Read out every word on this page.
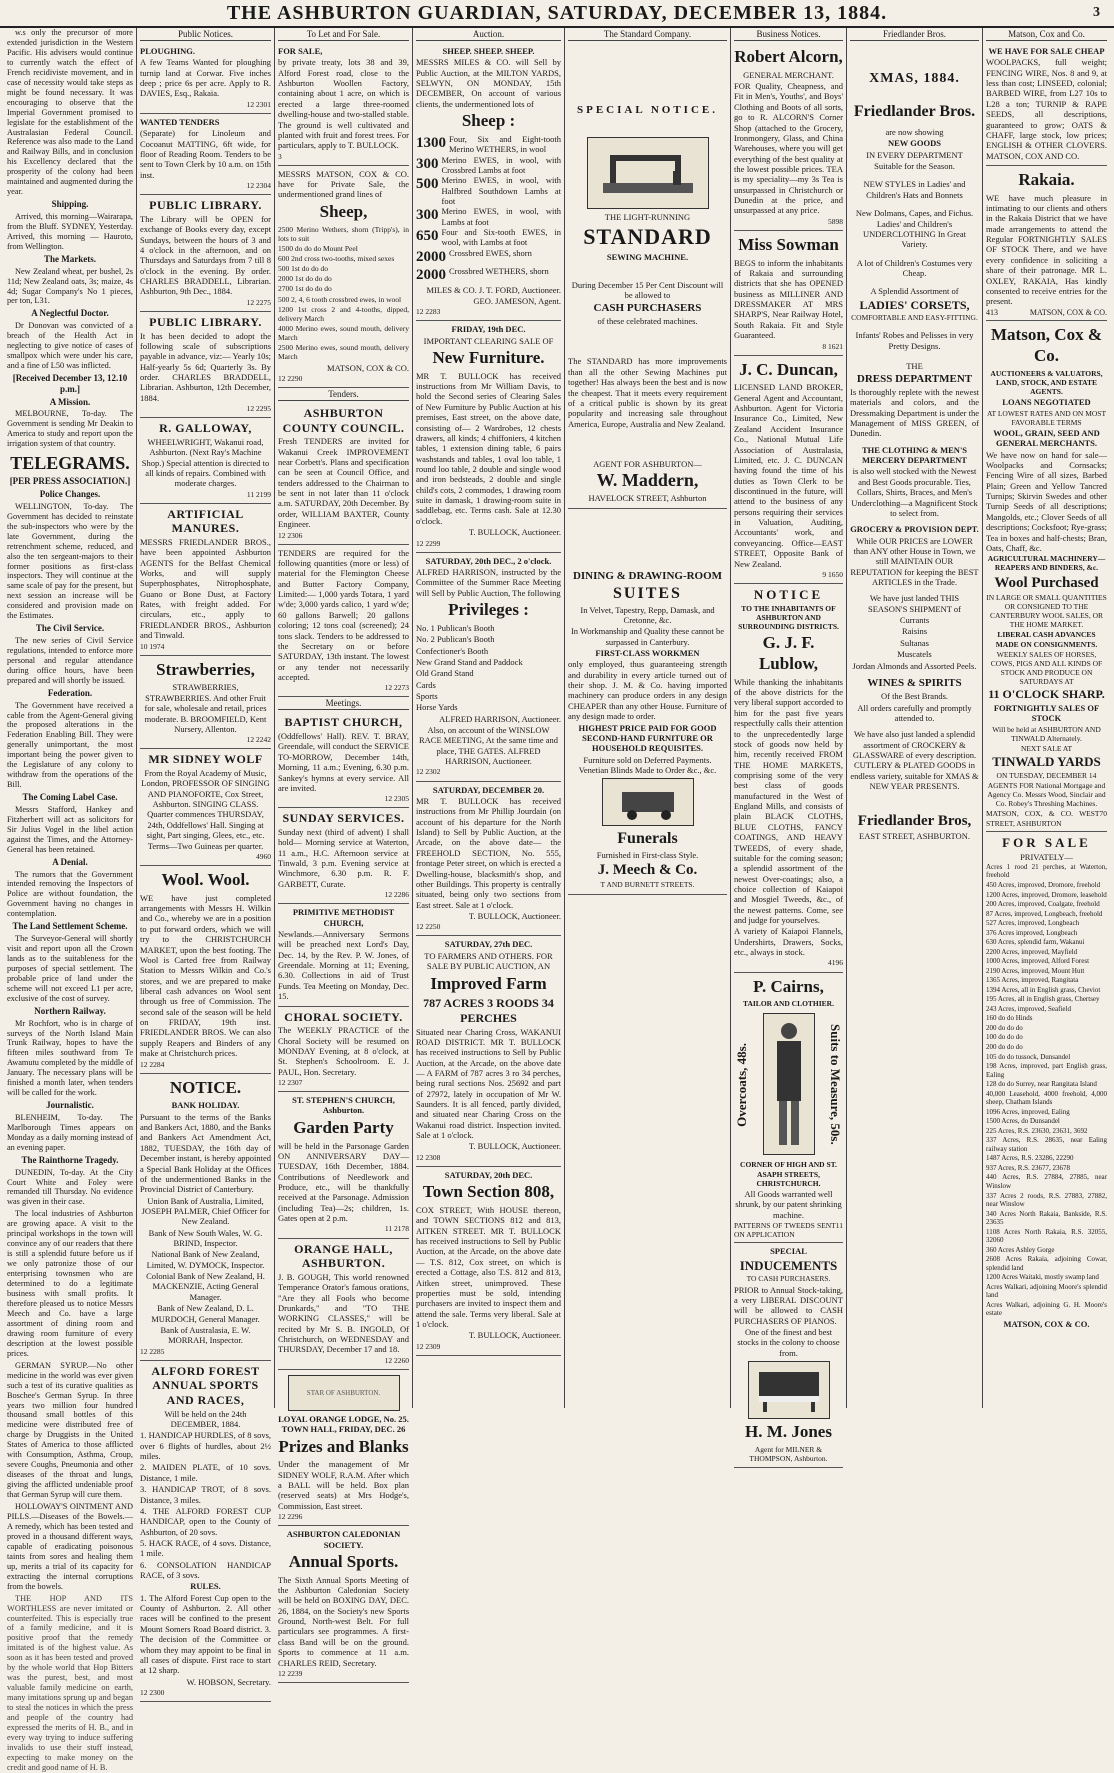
THE ASHBURTON GUARDIAN, SATURDAY, DECEMBER 13, 1884.	3

w.s only the precursor of more extended jurisdiction in the Western Pacific. His advisers would continue to currently watch the effect of French recidiviste movement, and in case of necessity would take steps as might be found necessary. It was encouraging to observe that the Imperial Government promised to legislate for the establishment of the Australasian Federal Council. Reference was also made to the Land and Railway Bills, and in conclusion his Excellency declared that the prosperity of the colony had been maintained and augmented during the year.

Shipping.

Arrived, this morning—Wairarapa, from the Bluff. SYDNEY, Yesterday. Arrived, this morning — Hauroto, from Wellington.

The Markets.

New Zealand wheat, per bushel, 2s 11d; New Zealand oats, 3s; maize, 4s 4d; Sugar Company's No 1 pieces, per ton, L31.

A Neglectful Doctor.

Dr Donovan was convicted of a breach of the Health Act in neglecting to give notice of cases of smallpox which were under his care, and a fine of L50 was inflicted.

[Received December 13, 12.10 p.m.]

A Mission.

MELBOURNE, To-day. The Government is sending Mr Deakin to America to study and report upon the irrigation system of that country.

TELEGRAMS.

[PER PRESS ASSOCIATION.]

Police Changes.

WELLINGTON, To-day. The Government has decided to reinstate the sub-inspectors who were by the late Government, during the retrenchment scheme, reduced, and also the ten sergeant-majors to their former positions as first-class inspectors. They will continue at the same scale of pay for the present, but next session an increase will be considered and provision made on the Estimates.

The Civil Service.

The new series of Civil Service regulations, intended to enforce more personal and regular attendance during office hours, have been prepared and will shortly be issued.

Federation.

The Government have received a cable from the Agent-General giving the proposed alterations in the Federation Enabling Bill. They were generally unimportant, the most important being the power given to the Legislature of any colony to withdraw from the operations of the Bill.

The Coming Label Case.

Messrs Stafford, Hankey and Fitzherbert will act as solicitors for Sir Julius Vogel in the libel action against the Times, and the Attorney-General has been retained.

A Denial.

The rumors that the Government intended removing the Inspectors of Police are without foundation, the Government having no changes in contemplation.

The Land Settlement Scheme.

The Surveyor-General will shortly visit and report upon all the Crown lands as to the suitableness for the purposes of special settlement. The probable price of land under the scheme will not exceed L1 per acre, exclusive of the cost of survey.

Northern Railway.

Mr Rochfort, who is in charge of surveys of the North Island Main Trunk Railway, hopes to have the fifteen miles southward from Te Awamutu completed by the middle of January. The necessary plans will be finished a month later, when tenders will be called for the work.

Journalistic.

BLENHEIM, To-day. The Marlborough Times appears on Monday as a daily morning instead of an evening paper.

The Rainthorne Tragedy.

DUNEDIN, To-day. At the City Court White and Foley were remanded till Thursday. No evidence was given in their case.

The local industries of Ashburton are growing apace. A visit to the principal workshops in the town will convince any of our readers that there is still a splendid future before us if we only patronize those of our enterprising townsmen who are determined to do a legitimate business with small profits. It therefore pleased us to notice Messrs Meech and Co. have a large assortment of dining room and drawing room furniture of every description at the lowest possible prices.

GERMAN SYRUP.—No other medicine in the world was ever given such a test of its curative qualities as Boschee's German Syrup. In three years two million four hundred thousand small bottles of this medicine were distributed free of charge by Druggists in the United States of America to those afflicted with Consumption, Asthma, Croup, severe Coughs, Pneumonia and other diseases of the throat and lungs, giving the afflicted undeniable proof that German Syrup will cure them.

HOLLOWAY'S OINTMENT AND PILLS.—Diseases of the Bowels.—A remedy, which has been tested and proved in a thousand different ways, capable of eradicating poisonous taints from sores and healing them up, merits a trial of its capacity for extracting the internal corruptions from the bowels.

THE HOP AND ITS WORTHLESS are never imitated or counterfeited. This is especially true of a family medicine, and it is positive proof that the remedy imitated is of the highest value. As soon as it has been tested and proved by the whole world that Hop Bitters was the purest, best, and most valuable family medicine on earth, many imitations sprung up and began to steal the notices in which the press and people of the country had expressed the merits of H. B., and in every way trying to induce suffering invalids to use their stuff instead, expecting to make money on the credit and good name of H. B.

Public Notices.

PLOUGHING.

A few Teams Wanted for ploughing turnip land at Corwar. Five inches deep ; price 6s per acre. Apply to R. DAVIES, Esq., Rakaia.

12 2301

WANTED TENDERS

(Separate) for Linoleum and Cocoanut MATTING, 6ft wide, for floor of Reading Room. Tenders to be sent to Town Clerk by 10 a.m. on 15th inst.

12 2304

PUBLIC LIBRARY.

The Library will be OPEN for exchange of Books every day, except Sundays, between the hours of 3 and 4 o'clock in the afternoon, and on Thursdays and Saturdays from 7 till 8 o'clock in the evening. By order. CHARLES BRADDELL, Librarian. Ashburton, 9th Dec., 1884.

12 2275

PUBLIC LIBRARY.

It has been decided to adopt the following scale of subscriptions payable in advance, viz:— Yearly 10s; Half-yearly 5s 6d; Quarterly 3s. By order. CHARLES BRADDELL, Librarian. Ashburton, 12th December, 1884.

12 2295

R. GALLOWAY,

WHEELWRIGHT, Wakanui road, Ashburton. (Next Ray's Machine Shop.) Special attention is directed to all kinds of repairs. Combined with moderate charges.

11 2199

ARTIFICIAL MANURES.

MESSRS FRIEDLANDER BROS., have been appointed Ashburton AGENTS for the Belfast Chemical Works, and will supply Superphosphates, Nitrophosphate, Guano or Bone Dust, at Factory Rates, with freight added. For circulars, etc., apply to FRIEDLANDER BROS., Ashburton and Tinwald.

10 1974

Strawberries,

STRAWBERRIES, STRAWBERRIES. And other Fruit for sale, wholesale and retail, prices moderate. B. BROOMFIELD, Kent Nursery, Allenton.

12 2242

MR SIDNEY WOLF

From the Royal Academy of Music, London, PROFESSOR OF SINGING AND PIANOFORTE, Cox Street, Ashburton. SINGING CLASS. Quarter commences THURSDAY, 24th, Oddfellows' Hall. Singing at sight, Part singing, Glees, etc., etc. Terms—Two Guineas per quarter.

4960

Wool. Wool.

WE have just completed arrangements with Messrs H. Wilkin and Co., whereby we are in a position to put forward orders, which we will try to the CHRISTCHURCH MARKET, upon the best footing. The Wool is Carted free from Railway Station to Messrs Wilkin and Co.'s stores, and we are prepared to make liberal cash advances on Wool sent through us free of Commission. The second sale of the season will be held on FRIDAY, 19th inst. FRIEDLANDER BROS. We can also supply Reapers and Binders of any make at Christchurch prices.

12 2284

NOTICE.

BANK HOLIDAY.

Pursuant to the terms of the Banks and Bankers Act, 1880, and the Banks and Bankers Act Amendment Act, 1882, TUESDAY, the 16th day of December instant, is hereby appointed a Special Bank Holiday at the Offices of the undermentioned Banks in the Provincial District of Canterbury.

Union Bank of Australia, Limited, JOSEPH PALMER, Chief Officer for New Zealand.

Bank of New South Wales, W. G. BRIND, Inspector.

National Bank of New Zealand, Limited, W. DYMOCK, Inspector.

Colonial Bank of New Zealand, H. MACKENZIE, Acting General Manager.

Bank of New Zealand, D. L. MURDOCH, General Manager.

Bank of Australasia, E. W. MORRAH, Inspector.

12 2285

ALFORD FOREST ANNUAL SPORTS AND RACES,

Will be held on the 24th DECEMBER, 1884.

1. HANDICAP HURDLES, of 8 sovs, over 6 flights of hurdles, about 2½ miles.

2. MAIDEN PLATE, of 10 sovs. Distance, 1 mile.

3. HANDICAP TROT, of 8 sovs. Distance, 3 miles.

4. THE ALFORD FOREST CUP HANDICAP, open to the County of Ashburton, of 20 sovs.

5. HACK RACE, of 4 sovs. Distance, 1 mile.

6. CONSOLATION HANDICAP RACE, of 3 sovs.

RULES.

1. The Alford Forest Cup open to the County of Ashburton. 2. All other races will be confined to the present Mount Somers Road Board district. 3. The decision of the Committee or whom they may appoint to be final in all cases of dispute. First race to start at 12 sharp.

W. HOBSON, Secretary.

12 2300

To Let and For Sale.

FOR SALE,

by private treaty, lots 38 and 39, Alford Forest road, close to the Ashburton Woollen Factory, containing about 1 acre, on which is erected a large three-roomed dwelling-house and two-stalled stable. The ground is well cultivated and planted with fruit and forest trees. For particulars, apply to T. BULLOCK.

3

MESSRS MATSON, COX & CO. have for Private Sale, the undermentioned grand lines of

Sheep,

2500 Merino Wethers, shorn (Tripp's), in lots to suit

1500 do do do Mount Peel

600 2nd cross two-tooths, mixed sexes

500 1st do do do

2000 1st do do do

2700 1st do do do

500 2, 4, 6 tooth crossbred ewes, in wool

1200 1st cross 2 and 4-tooths, dipped, delivery March

4000 Merino ewes, sound mouth, delivery March

2500 Merino ewes, sound mouth, delivery March

MATSON, COX & CO.

12 2290

Tenders.
ASHBURTON COUNTY COUNCIL.

Fresh TENDERS are invited for Wakanui Creek IMPROVEMENT near Corbett's. Plans and specification can be seen at Council Office, and tenders addressed to the Chairman to be sent in not later than 11 o'clock a.m. SATURDAY, 20th December. By order, WILLIAM BAXTER, County Engineer.

12 2306

TENDERS are required for the following quantities (more or less) of material for the Flemington Cheese and Butter Factory Company, Limited:— 1,000 yards Totara, 1 yard w'de; 3,000 yards calico, 1 yard w'de; 60 gallons Barwell; 20 gallons coloring; 12 tons coal (screened); 24 tons slack. Tenders to be addressed to the Secretary on or before SATURDAY, 13th instant. The lowest or any tender not necessarily accepted.

12 2273

Meetings.
BAPTIST CHURCH,

(Oddfellows' Hall). REV. T. BRAY, Greendale, will conduct the SERVICE TO-MORROW, December 14th, Morning, 11 a.m.; Evening, 6.30 p.m. Sankey's hymns at every service. All are invited.

12 2305

SUNDAY SERVICES.

Sunday next (third of advent) I shall hold— Morning service at Waterton, 11 a.m., H.C. Afternoon service at Tinwald, 3 p.m. Evening service at Winchmore, 6.30 p.m. R. F. GARBETT, Curate.

12 2286

PRIMITIVE METHODIST CHURCH,

Newlands.—Anniversary Sermons will be preached next Lord's Day, Dec. 14, by the Rev. P. W. Jones, of Greendale. Morning at 11; Evening, 6.30. Collections in aid of Trust Funds. Tea Meeting on Monday, Dec. 15.

CHORAL SOCIETY.

The WEEKLY PRACTICE of the Choral Society will be resumed on MONDAY Evening, at 8 o'clock, at St. Stephen's Schoolroom. E. J. PAUL, Hon. Secretary.

12 2307

ST. STEPHEN'S CHURCH, Ashburton.

Garden Party

will be held in the Parsonage Garden ON ANNIVERSARY DAY—TUESDAY, 16th December, 1884. Contributions of Needlework and Produce, etc., will be thankfully received at the Parsonage. Admission (including Tea)—2s; children, 1s. Gates open at 2 p.m.

11 2178

ORANGE HALL, ASHBURTON.

J. B. GOUGH, This world renowned Temperance Orator's famous orations, "Are they all Fools who become Drunkards," and "TO THE WORKING CLASSES," will be recited by Mr S. B. INGOLD, Of Christchurch, on WEDNESDAY and THURSDAY, December 17 and 18.

12 2260

STAR OF ASHBURTON.

LOYAL ORANGE LODGE, No. 25. TOWN HALL, FRIDAY, DEC. 26

Prizes and Blanks

Under the management of Mr SIDNEY WOLF, R.A.M. After which a BALL will be held. Box plan (reserved seats) at Mrs Hodge's, Commission, East street.

12 2296

ASHBURTON CALEDONIAN SOCIETY.

Annual Sports.

The Sixth Annual Sports Meeting of the Ashburton Caledonian Society will be held on BOXING DAY, DEC. 26, 1884, on the Society's new Sports Ground, North-west Belt. For full particulars see programmes. A first-class Band will be on the ground. Sports to commence at 11 a.m. CHARLES REID, Secretary.

12 2239

Auction.

SHEEP. SHEEP. SHEEP.

MESSRS MILES & CO. will Sell by Public Auction, at the MILTON YARDS, SELWYN, ON MONDAY, 15th DECEMBER, On account of various clients, the undermentioned lots of

Sheep :
1300 Four, Six and Eight-tooth Merino WETHERS, in wool
300 Merino EWES, in wool, with Crossbred Lambs at foot
500 Merino EWES, in wool, with Halfbred Southdown Lambs at foot
300 Merino EWES, in wool, with Lambs at foot
650 Four and Six-tooth EWES, in wool, with Lambs at foot
2000 Crossbred EWES, shorn
2000 Crossbred WETHERS, shorn

MILES & CO. J. T. FORD, Auctioneer. GEO. JAMESON, Agent.

12 2283

FRIDAY, 19th DEC.

IMPORTANT CLEARING SALE OF

New Furniture.

MR T. BULLOCK has received instructions from Mr William Davis, to hold the Second series of Clearing Sales of New Furniture by Public Auction at his premises, East street, on the above date, consisting of— 2 Wardrobes, 12 chests drawers, all kinds; 4 chiffoniers, 4 kitchen tables, 1 extension dining table, 6 pairs washstands and tables, 1 oval loo table, 1 round loo table, 2 double and single wood and iron bedsteads, 2 double and single child's cots, 2 commodes, 1 drawing room suite in damask, 1 drawing-room suite in saddlebag, etc. Terms cash. Sale at 12.30 o'clock.

T. BULLOCK, Auctioneer.

12 2299

SATURDAY, 20th DEC., 2 o'clock.

ALFRED HARRISON, instructed by the Committee of the Summer Race Meeting will Sell by Public Auction, The following

Privileges :

No. 1 Publican's Booth

No. 2 Publican's Booth

Confectioner's Booth

New Grand Stand and Paddock

Old Grand Stand

Cards

Sports

Horse Yards

ALFRED HARRISON, Auctioneer.

Also, on account of the WINSLOW RACE MEETING, At the same time and place, THE GATES. ALFRED HARRISON, Auctioneer.

12 2302

SATURDAY, DECEMBER 20.

MR T. BULLOCK has received instructions from Mr Phillip Jourdain (on account of his departure for the North Island) to Sell by Public Auction, at the Arcade, on the above date— the FREEHOLD SECTION, No. 555, frontage Peter street, on which is erected a Dwelling-house, blacksmith's shop, and other Buildings. This property is centrally situated, being only two sections from East street. Sale at 1 o'clock.

T. BULLOCK, Auctioneer.

12 2250

SATURDAY, 27th DEC.

TO FARMERS AND OTHERS. FOR SALE BY PUBLIC AUCTION, AN

Improved Farm

787 ACRES 3 ROODS 34 PERCHES

Situated near Charing Cross, WAKANUI ROAD DISTRICT. MR T. BULLOCK has received instructions to Sell by Public Auction, at the Arcade, on the above date— A FARM of 787 acres 3 ro 34 perches, being rural sections Nos. 25692 and part of 27972, lately in occupation of Mr W. Saunders. It is all fenced, partly divided, and situated near Charing Cross on the Wakanui road district. Inspection invited. Sale at 1 o'clock.

T. BULLOCK, Auctioneer.

12 2308

SATURDAY, 20th DEC.

Town Section 808,

COX STREET, With HOUSE thereon, and TOWN SECTIONS 812 and 813, AITKEN STREET. MR T. BULLOCK has received instructions to Sell by Public Auction, at the Arcade, on the above date— T.S. 812, Cox street, on which is erected a Cottage, also T.S. 812 and 813, Aitken street, unimproved. These properties must be sold, intending purchasers are invited to inspect them and attend the sale. Terms very liberal. Sale at 1 o'clock.

T. BULLOCK, Auctioneer.

12 2309

The Standard Company.

SPECIAL NOTICE.

THE LIGHT-RUNNING

STANDARD

SEWING MACHINE.

During December 15 Per Cent Discount will be allowed to

CASH PURCHASERS

of these celebrated machines.

The STANDARD has more improvements than all the other Sewing Machines put together! Has always been the best and is now the cheapest. That it meets every requirement of a critical public is shown by its great popularity and increasing sale throughout America, Europe, Australia and New Zealand.

AGENT FOR ASHBURTON—

W. Maddern,

HAVELOCK STREET, Ashburton

DINING & DRAWING-ROOM

SUITES

In Velvet, Tapestry, Repp, Damask, and Cretonne, &c.

In Workmanship and Quality these cannot be surpassed in Canterbury.

FIRST-CLASS WORKMEN

only employed, thus guaranteeing strength and durability in every article turned out of their shop. J. M. & Co. having imported machinery can produce orders in any design CHEAPER than any other House. Furniture of any design made to order.

HIGHEST PRICE PAID FOR GOOD SECOND-HAND FURNITURE OR HOUSEHOLD REQUISITES.

Furniture sold on Deferred Payments. Venetian Blinds Made to Order &c., &c.

Funerals

Furnished in First-class Style.

J. Meech & Co.

T AND BURNETT STREETS.

Business Notices.
Robert Alcorn,

GENERAL MERCHANT.

FOR Quality, Cheapness, and Fit in Men's, Youths', and Boys' Clothing and Boots of all sorts, go to R. ALCORN'S Corner Shop (attached to the Grocery, Ironmongery, Glass, and China Warehouses, where you will get everything of the best quality at the lowest possible prices. TEA is my speciality—my 3s Tea is unsurpassed in Christchurch or Dunedin at the price, and unsurpassed at any price.

5898

Miss Sowman

BEGS to inform the inhabitants of Rakaia and surrounding districts that she has OPENED business as MILLINER AND DRESSMAKER AT MRS SHARP'S, Near Railway Hotel, South Rakaia. Fit and Style Guaranteed.

8 1621

J. C. Duncan,

LICENSED LAND BROKER, General Agent and Accountant, Ashburton. Agent for Victoria Insurance Co., Limited, New Zealand Accident Insurance Co., National Mutual Life Association of Australasia, Limited, etc. J. C. DUNCAN having found the time of his duties as Town Clerk to be discontinued in the future, will attend to the business of any persons requiring their services in Valuation, Auditing, Accountants' work, and conveyancing. Office—EAST STREET, Opposite Bank of New Zealand.

9 1650

NOTICE

TO THE INHABITANTS OF ASHBURTON AND SURROUNDING DISTRICTS.

G. J. F. Lublow,

While thanking the inhabitants of the above districts for the very liberal support accorded to him for the past five years respectfully calls their attention to the unprecedentedly large stock of goods now held by him, recently received FROM THE HOME MARKETS, comprising some of the very best class of goods manufactured in the West of England Mills, and consists of plain BLACK CLOTHS, BLUE CLOTHS, FANCY COATINGS, AND HEAVY TWEEDS, of every shade, suitable for the coming season; a splendid assortment of the newest Over-coatings; also, a choice collection of Kaiapoi and Mosgiel Tweeds, &c., of the newest patterns. Come, see and judge for yourselves.

A variety of Kaiapoi Flannels, Undershirts, Drawers, Socks, etc., always in stock.

4196

P. Cairns,

TAILOR AND CLOTHIER.

Overcoats, 48s.	Suits to Measure, 50s.

CORNER OF HIGH AND ST. ASAPH STREETS, CHRISTCHURCH.

All Goods warranted well shrunk, by our patent shrinking machine.

PATTERNS OF TWEEDS SENT ON APPLICATION
11

SPECIAL

INDUCEMENTS

TO CASH PURCHASERS.

PRIOR to Annual Stock-taking, a very LIBERAL DISCOUNT will be allowed to CASH PURCHASERS OF PIANOS.

One of the finest and best stocks in the colony to choose from.

H. M. Jones

Agent for MILNER & THOMPSON, Ashburton.

Friedlander Bros.
XMAS, 1884.
Friedlander Bros.

are now showing

NEW GOODS

IN EVERY DEPARTMENT

Suitable for the Season.

NEW STYLES in Ladies' and Children's Hats and Bonnets

New Dolmans, Capes, and Fichus. Ladies' and Children's UNDERCLOTHING In Great Variety.

A lot of Children's Costumes very Cheap.

A Splendid Assortment of

LADIES' CORSETS,

COMFORTABLE AND EASY-FITTING.

Infants' Robes and Pelisses in very Pretty Designs.

THE

DRESS DEPARTMENT

Is thoroughly replete with the newest materials and colors, and the Dressmaking Department is under the Management of MISS GREEN, of Dunedin.

THE CLOTHING & MEN'S MERCERY DEPARTMENT

is also well stocked with the Newest and Best Goods procurable. Ties, Collars, Shirts, Braces, and Men's Underclothing—a Magnificent Stock to select from.

GROCERY & PROVISION DEPT.

While OUR PRICES are LOWER than ANY other House in Town, we still MAINTAIN OUR REPUTATION for keeping the BEST ARTICLES in the Trade.

We have just landed THIS SEASON'S SHIPMENT of

Currants

Raisins

Sultanas

Muscatels

Jordan Almonds and Assorted Peels.

WINES & SPIRITS

Of the Best Brands.

All orders carefully and promptly attended to.

We have also just landed a splendid assortment of CROCKERY & GLASSWARE of every description. CUTLERY & PLATED GOODS in endless variety, suitable for XMAS & NEW YEAR PRESENTS.

Friedlander Bros,

EAST STREET, ASHBURTON.

Matson, Cox and Co.

WE HAVE FOR SALE CHEAP

WOOLPACKS, full weight; FENCING WIRE, Nos. 8 and 9, at less than cost; LINSEED, colonial; BARBED WIRE, from L27 10s to L28 a ton; TURNIP & RAPE SEEDS, all descriptions, guaranteed to grow; OATS & CHAFF, large stock, low prices; ENGLISH & OTHER CLOVERS. MATSON, COX AND CO.

Rakaia.

WE have much pleasure in intimating to our clients and others in the Rakaia District that we have made arrangements to attend the Regular FORTNIGHTLY SALES OF STOCK There, and we have every confidence in soliciting a share of their patronage. MR L. OXLEY, RAKAIA, Has kindly consented to receive entries for the present.

413	MATSON, COX & CO.
Matson, Cox & Co.

AUCTIONEERS & VALUATORS, LAND, STOCK, AND ESTATE AGENTS.

LOANS NEGOTIATED

AT LOWEST RATES AND ON MOST FAVORABLE TERMS

WOOL, GRAIN, SEED AND GENERAL MERCHANTS.

We have now on hand for sale— Woolpacks and Cornsacks; Fencing Wire of all sizes, Barbed Plain; Green and Yellow Tancred Turnips; Skirvin Swedes and other Turnip Seeds of all descriptions; Mangolds, etc.; Clover Seeds of all descriptions; Cocksfoot; Rye-grass; Tea in boxes and half-chests; Bran, Oats, Chaff, &c.

AGRICULTURAL MACHINERY— REAPERS AND BINDERS, &c.

Wool Purchased

IN LARGE OR SMALL QUANTITIES OR CONSIGNED TO THE CANTERBURY WOOL SALES, OR THE HOME MARKET.

LIBERAL CASH ADVANCES MADE ON CONSIGNMENTS.

WEEKLY SALES OF HORSES, COWS, PIGS AND ALL KINDS OF STOCK AND PRODUCE ON SATURDAYS AT

11 O'CLOCK SHARP.

FORTNIGHTLY SALES OF STOCK

Will be held at ASHBURTON AND TINWALD Alternately.

NEXT SALE AT

TINWALD YARDS

ON TUESDAY, DECEMBER 14

AGENTS FOR National Mortgage and Agency Co. Messrs Wood, Sinclair and Co. Robey's Threshing Machines.

MATSON, COX, & CO. WEST STREET, ASHBURTON
70

FOR SALE

PRIVATELY—

Acres 1 rood 21 perches, at Waterton, freehold

450 Acres, improved, Dromore, freehold

1200 Acres, improved, Dromore, leasehold

200 Acres, improved, Coalgate, freehold

87 Acres, improved, Longbeach, freehold

527 Acres, improved, Longbeach

376 Acres improved, Longbeach

630 Acres, splendid farm, Wakanui

2200 Acres, improved, Mayfield

1000 Acres, improved, Alford Forest

2190 Acres, improved, Mount Hutt

1365 Acres, improved, Rangitata

1394 Acres, all in English grass, Cheviot

195 Acres, all in English grass, Chertsey

243 Acres, improved, Seafield

160 do do Hinds

200 do do do

100 do do do

200 do do do

105 do do tussock, Dunsandel

198 Acres, improved, part English grass, Ealing

128 do do Surrey, near Rangitata Island

40,000 Leasehold, 4000 freehold, 4,000 sheep, Chatham Islands

1096 Acres, improved, Ealing

1500 Acres, do Dunsandel

225 Acres, R.S. 23630, 23631, 3692

337 Acres, R.S. 28635, near Ealing railway station

1487 Acres, R.S. 23286, 22290

937 Acres, R.S. 23677, 23678

440 Acres, R.S. 27884, 27885, near Winslow

337 Acres 2 roods, R.S. 27883, 27882, near Winslow

340 Acres North Rakaia, Bankside, R.S. 23635

1108 Acres North Rakaia, R.S. 32055, 32060

360 Acres Ashley Gorge

2608 Acres Rakaia, adjoining Cowar, splendid land

1200 Acres Waitaki, mostly swamp land

Acres Walkari, adjoining Moore's splendid land

Acres Walkari, adjoining G. H. Moore's estate

MATSON, COX & CO.
